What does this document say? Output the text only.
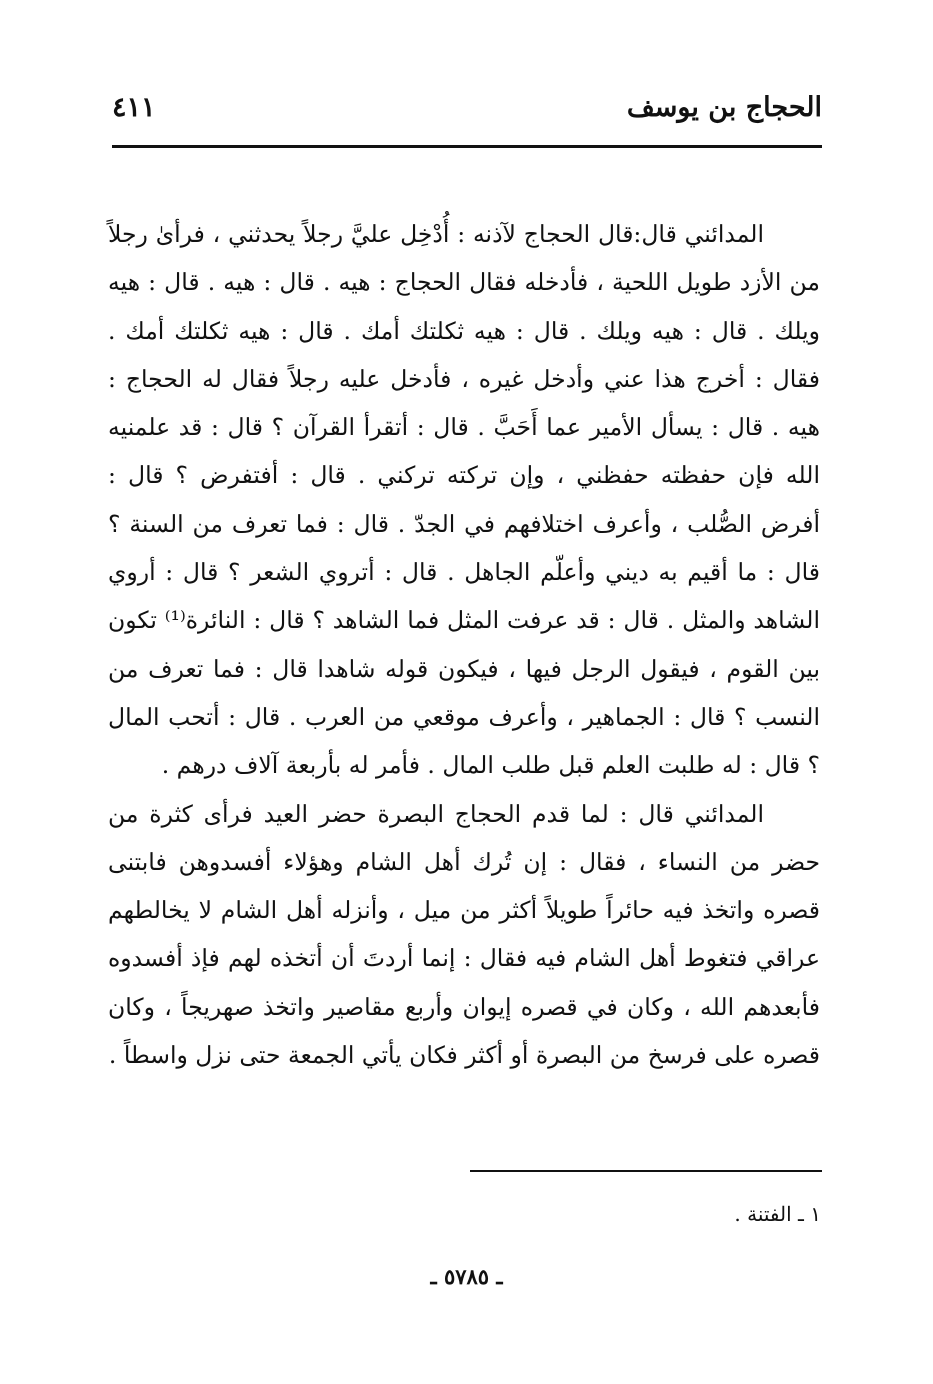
الحجاج بن يوسف
٤١١

المدائني قال:قال الحجاج لآذنه : أُدْخِل عليَّ رجلاً يحدثني ، فرأىٰ رجلاً من الأزد طويل اللحية ، فأدخله فقال الحجاج : هيه . قال : هيه . قال : هيه ويلك . قال : هيه ويلك . قال : هيه ثكلتك أمك . قال : هيه ثكلتك أمك . فقال : أخرج هذا عني وأدخل غيره ، فأدخل عليه رجلاً فقال له الحجاج : هيه . قال : يسأل الأمير عما أَحَبَّ . قال : أتقرأ القرآن ؟ قال : قد علمنيه الله فإن حفظته حفظني ، وإن تركته تركني . قال : أفتفرض ؟ قال : أفرض الصُّلب ، وأعرف اختلافهم في الجدّ . قال : فما تعرف من السنة ؟ قال : ما أقيم به ديني وأعلّم الجاهل . قال : أتروي الشعر ؟ قال : أروي الشاهد والمثل . قال : قد عرفت المثل فما الشاهد ؟ قال : النائرة⁽¹⁾ تكون بين القوم ، فيقول الرجل فيها ، فيكون قوله شاهدا قال : فما تعرف من النسب ؟ قال : الجماهير ، وأعرف موقعي من العرب . قال : أتحب المال ؟ قال : له طلبت العلم قبل طلب المال . فأمر له بأربعة آلاف درهم .

المدائني قال : لما قدم الحجاج البصرة حضر العيد فرأى كثرة من حضر من النساء ، فقال : إن تُرك أهل الشام وهؤلاء أفسدوهن فابتنى قصره واتخذ فيه حائراً طويلاً أكثر من ميل ، وأنزله أهل الشام لا يخالطهم عراقي فتغوط أهل الشام فيه فقال : إنما أردتَ أن أتخذه لهم فإذ أفسدوه فأبعدهم الله ، وكان في قصره إيوان وأربع مقاصير واتخذ صهريجاً ، وكان قصره على فرسخ من البصرة أو أكثر فكان يأتي الجمعة حتى نزل واسطاً .

١ ـ الفتنة .
ـ ٥٧٨٥ ـ
